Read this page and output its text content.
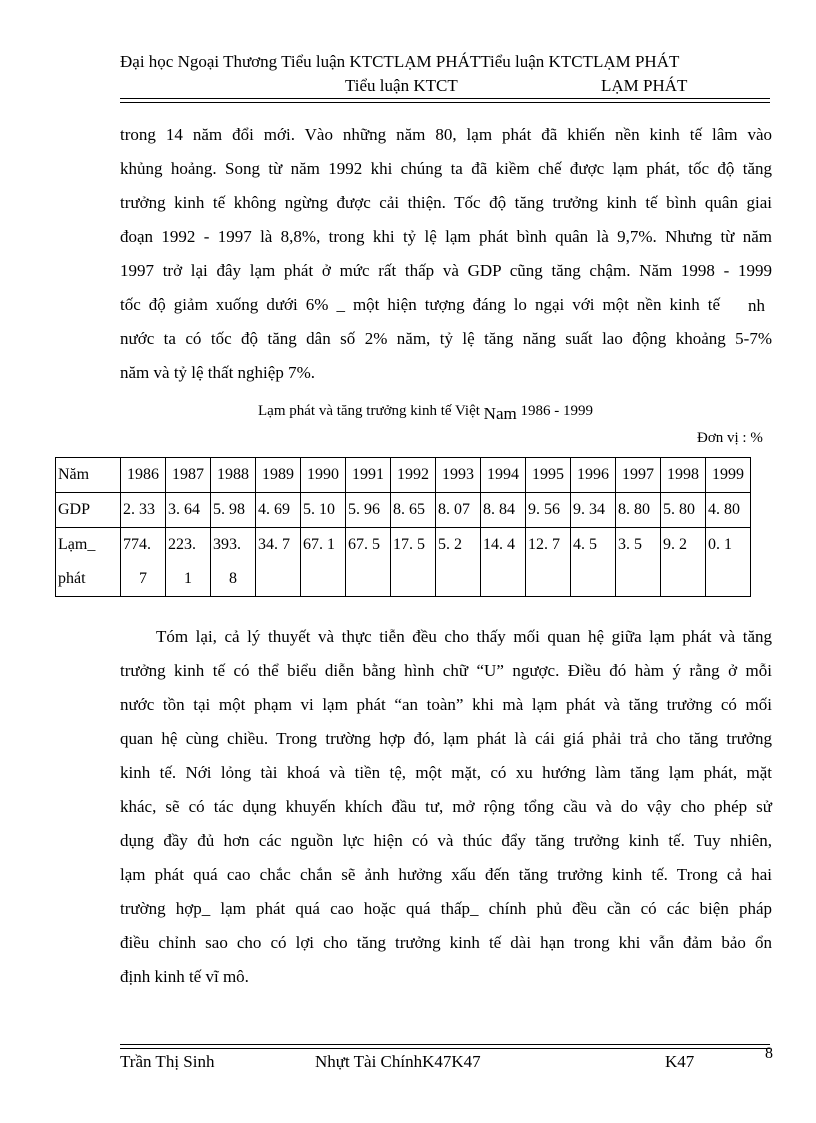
Đại học Ngoại Thương Tiểu luận KTCTLẠM PHÁTTiểu luận KTCTLẠM PHÁT
Tiểu luận KTCT	LẠM PHÁT
trong 14 năm đổi mới. Vào những năm 80, lạm phát đã khiến nền kinh tế lâm vào
khủng hoảng. Song từ năm 1992 khi chúng ta đã kiềm chế được lạm phát, tốc độ tăng
trưởng kinh tế không ngừng được cải thiện. Tốc độ tăng trưởng kinh tế bình quân giai
đoạn 1992 - 1997 là 8,8%, trong khi tỷ lệ lạm phát bình quân là 9,7%. Nhưng từ năm
1997 trở lại đây lạm phát ở mức rất thấp và GDP cũng tăng chậm. Năm 1998 - 1999
tốc độ giảm xuống dưới 6% _ một hiện tượng đáng lo ngại với một nền kinh tế
nước ta có tốc độ tăng dân số 2% năm, tỷ lệ tăng năng suất lao động khoảng 5-7%
năm và tỷ lệ thất nghiệp 7%.
nh
Lạm phát và tăng trưởng kinh tế Việt Nam 1986 - 1999
Đơn vị : %
Năm	1986	1987	1988	1989	1990	1991	1992	1993	1994	1995	1996	1997	1998	1999
GDP	2. 33	3. 64	5. 98	4. 69	5. 10	5. 96	8. 65	8. 07	8. 84	9. 56	9. 34	8. 80	5. 80	4. 80
Lạm_	774.	223.	393.	34. 7	67. 1	67. 5	17. 5	5. 2	14. 4	12. 7	4. 5	3. 5	9. 2	0. 1
phát	7	1	8											
Tóm lại, cả lý thuyết và thực tiễn đều cho thấy mối quan hệ giữa lạm phát và tăng
trưởng kinh tế có thể biểu diễn bằng hình chữ “U” ngược. Điều đó hàm ý rằng ở mỗi
nước tồn tại một phạm vi lạm phát “an toàn” khi mà lạm phát và tăng trưởng có mối
quan hệ cùng chiều. Trong trường hợp đó, lạm phát là cái giá phải trả cho tăng trưởng
kinh tế. Nới lỏng tài khoá và tiền tệ, một mặt, có xu hướng làm tăng lạm phát, mặt
khác, sẽ có tác dụng khuyến khích đầu tư, mở rộng tổng cầu và do vậy cho phép sử
dụng đầy đủ hơn các nguồn lực hiện có và thúc đẩy tăng trưởng kinh tế. Tuy nhiên,
lạm phát quá cao chắc chắn sẽ ảnh hưởng xấu đến tăng trưởng kinh tế. Trong cả hai
trường hợp_ lạm phát quá cao hoặc quá thấp_ chính phủ đều cần có các biện pháp
điều chỉnh sao cho có lợi cho tăng trưởng kinh tế dài hạn trong khi vẫn đảm bảo ổn
định kinh tế vĩ mô.
Trần Thị Sinh	Nhựt Tài ChínhK47K47	K47	8
